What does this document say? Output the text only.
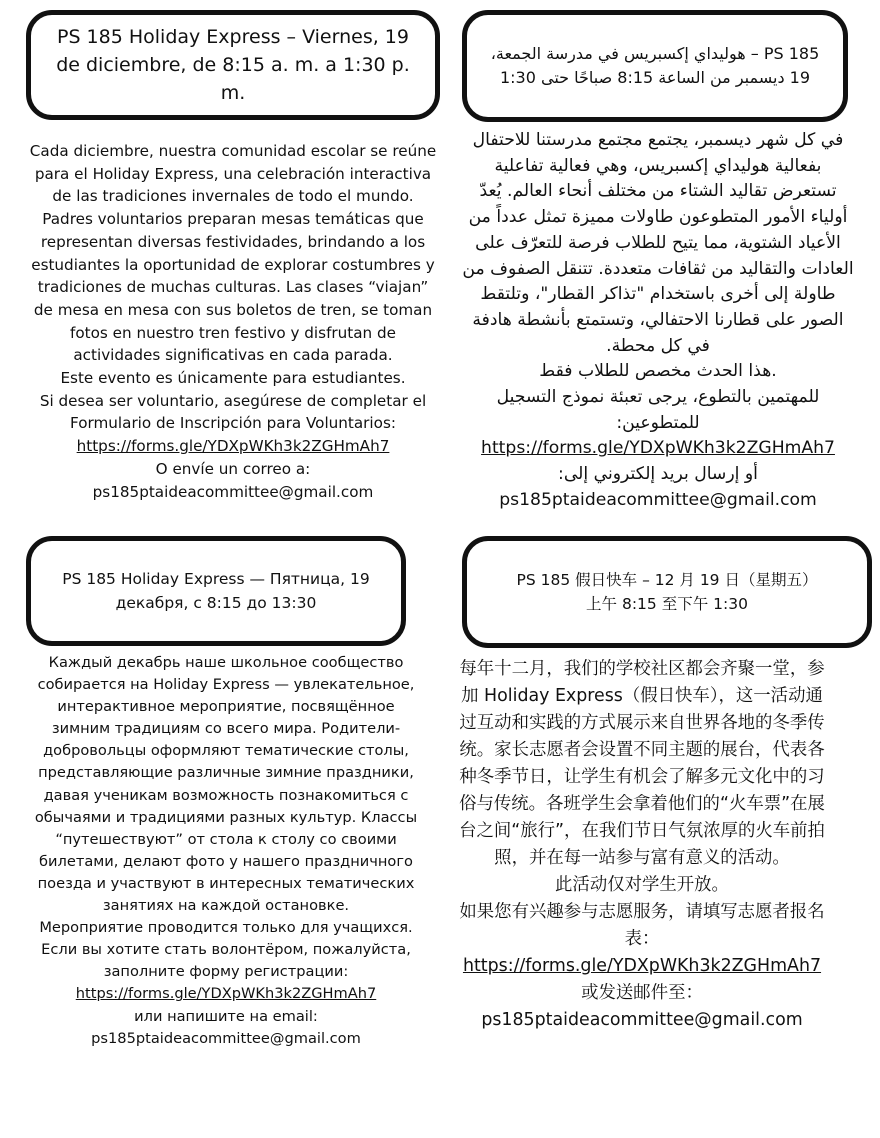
PS 185 Holiday Express – Viernes, 19 de diciembre, de 8:15 a. m. a 1:30 p. m.

Cada diciembre, nuestra comunidad escolar se reúne para el Holiday Express, una celebración interactiva de las tradiciones invernales de todo el mundo. Padres voluntarios preparan mesas temáticas que representan diversas festividades, brindando a los estudiantes la oportunidad de explorar costumbres y tradiciones de muchas culturas. Las clases “viajan” de mesa en mesa con sus boletos de tren, se toman fotos en nuestro tren festivo y disfrutan de actividades significativas en cada parada.

Este evento es únicamente para estudiantes.

Si desea ser voluntario, asegúrese de completar el Formulario de Inscripción para Voluntarios:

https://forms.gle/YDXpWKh3k2ZGHmAh7

O envíe un correo a:

ps185ptaideacommittee@gmail.com

PS 185 – هوليداي إكسبريس في مدرسة الجمعة، 19 ديسمبر من الساعة 8:15 صباحًا حتى 1:30

في كل شهر ديسمبر، يجتمع مجتمع مدرستنا للاحتفال بفعالية هوليداي إكسبريس، وهي فعالية تفاعلية تستعرض تقاليد الشتاء من مختلف أنحاء العالم. يُعدّ أولياء الأمور المتطوعون طاولات مميزة تمثل عدداً من الأعياد الشتوية، مما يتيح للطلاب فرصة للتعرّف على العادات والتقاليد من ثقافات متعددة. تتنقل الصفوف من طاولة إلى أخرى باستخدام "تذاكر القطار"، وتلتقط الصور على قطارنا الاحتفالي، وتستمتع بأنشطة هادفة في كل محطة.

.هذا الحدث مخصص للطلاب فقط

للمهتمين بالتطوع، يرجى تعبئة نموذج التسجيل للمتطوعين:

https://forms.gle/YDXpWKh3k2ZGHmAh7

أو إرسال بريد إلكتروني إلى:

ps185ptaideacommittee@gmail.com

PS 185 Holiday Express — Пятница, 19 декабря, с 8:15 до 13:30

Каждый декабрь наше школьное сообщество собирается на Holiday Express — увлекательное, интерактивное мероприятие, посвящённое зимним традициям со всего мира. Родители-добровольцы оформляют тематические столы, представляющие различные зимние праздники, давая ученикам возможность познакомиться с обычаями и традициями разных культур. Классы “путешествуют” от стола к столу со своими билетами, делают фото у нашего праздничного поезда и участвуют в интересных тематических занятиях на каждой остановке.

Мероприятие проводится только для учащихся.

Если вы хотите стать волонтёром, пожалуйста, заполните форму регистрации:

https://forms.gle/YDXpWKh3k2ZGHmAh7

или напишите на email:

ps185ptaideacommittee@gmail.com

PS 185 假日快车 – 12 月 19 日（星期五）
上午 8:15 至下午 1:30

每年十二月，我们的学校社区都会齐聚一堂，参加 Holiday Express（假日快车），这一活动通过互动和实践的方式展示来自世界各地的冬季传统。家长志愿者会设置不同主题的展台，代表各种冬季节日，让学生有机会了解多元文化中的习俗与传统。各班学生会拿着他们的“火车票”在展台之间“旅行”，在我们节日气氛浓厚的火车前拍照，并在每一站参与富有意义的活动。

此活动仅对学生开放。

如果您有兴趣参与志愿服务，请填写志愿者报名表：

https://forms.gle/YDXpWKh3k2ZGHmAh7

或发送邮件至：

ps185ptaideacommittee@gmail.com
